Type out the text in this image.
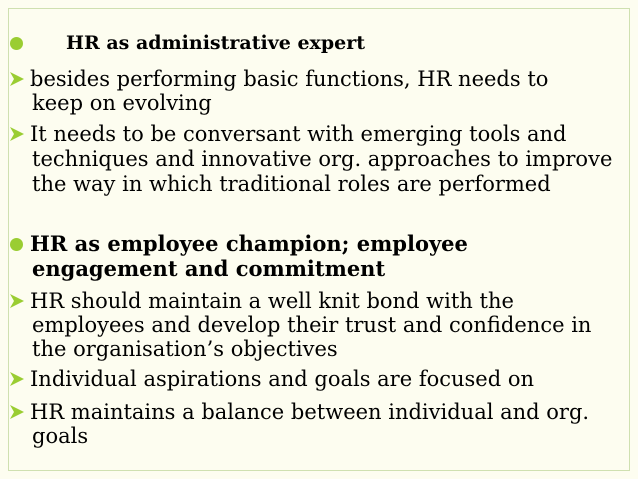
HR as administrative expert
besides performing basic functions, HR needs to
keep on evolving
It needs to be conversant with emerging tools and
techniques and innovative org. approaches to improve
the way in which traditional roles are performed
HR as employee champion; employee
engagement and commitment
HR should maintain a well knit bond with the
employees and develop their trust and confidence in
the organisation’s objectives
Individual aspirations and goals are focused on
HR maintains a balance between individual and org.
goals
